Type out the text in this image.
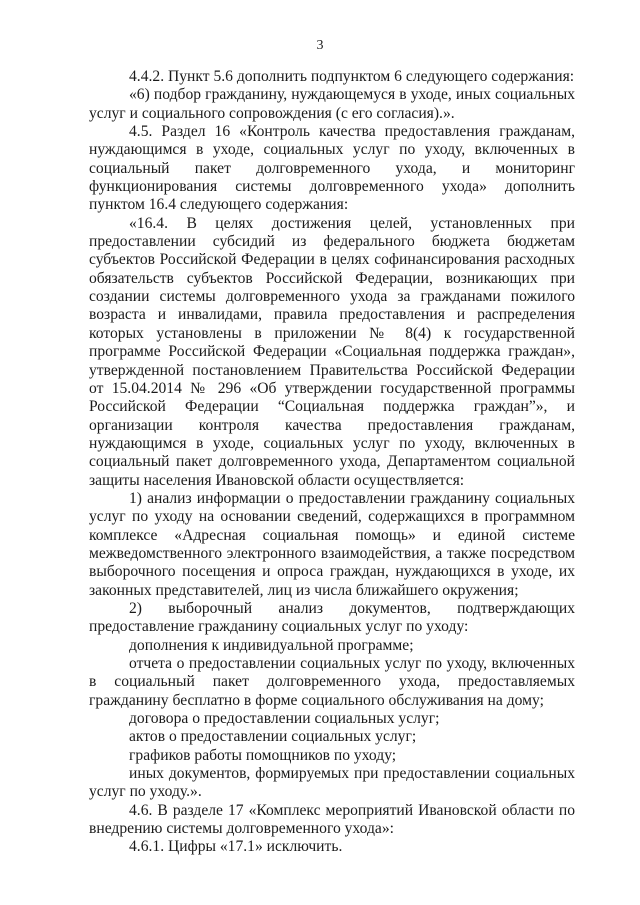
3

4.4.2. Пункт 5.6 дополнить подпунктом 6 следующего содержания:

«6) подбор гражданину, нуждающемуся в уходе, иных социальных услуг и социального сопровождения (с его согласия).».

4.5. Раздел 16 «Контроль качества предоставления гражданам, нуждающимся в уходе, социальных услуг по уходу, включенных в социальный пакет долговременного ухода, и мониторинг функционирования системы долговременного ухода» дополнить пунктом 16.4 следующего содержания:

«16.4. В целях достижения целей, установленных при предоставлении субсидий из федерального бюджета бюджетам субъектов Российской Федерации в целях софинансирования расходных обязательств субъектов Российской Федерации, возникающих при создании системы долговременного ухода за гражданами пожилого возраста и инвалидами, правила предоставления и распределения которых установлены в приложении № 8(4) к государственной программе Российской Федерации «Социальная поддержка граждан», утвержденной постановлением Правительства Российской Федерации от 15.04.2014 № 296 «Об утверждении государственной программы Российской Федерации “Социальная поддержка граждан”», и организации контроля качества предоставления гражданам, нуждающимся в уходе, социальных услуг по уходу, включенных в социальный пакет долговременного ухода, Департаментом социальной защиты населения Ивановской области осуществляется:

1) анализ информации о предоставлении гражданину социальных услуг по уходу на основании сведений, содержащихся в программном комплексе «Адресная социальная помощь» и единой системе межведомственного электронного взаимодействия, а также посредством выборочного посещения и опроса граждан, нуждающихся в уходе, их законных представителей, лиц из числа ближайшего окружения;

2) выборочный анализ документов, подтверждающих предоставление гражданину социальных услуг по уходу:

дополнения к индивидуальной программе;

отчета о предоставлении социальных услуг по уходу, включенных в социальный пакет долговременного ухода, предоставляемых гражданину бесплатно в форме социального обслуживания на дому;

договора о предоставлении социальных услуг;

актов о предоставлении социальных услуг;

графиков работы помощников по уходу;

иных документов, формируемых при предоставлении социальных услуг по уходу.».

4.6. В разделе 17 «Комплекс мероприятий Ивановской области по внедрению системы долговременного ухода»:

4.6.1. Цифры «17.1» исключить.
